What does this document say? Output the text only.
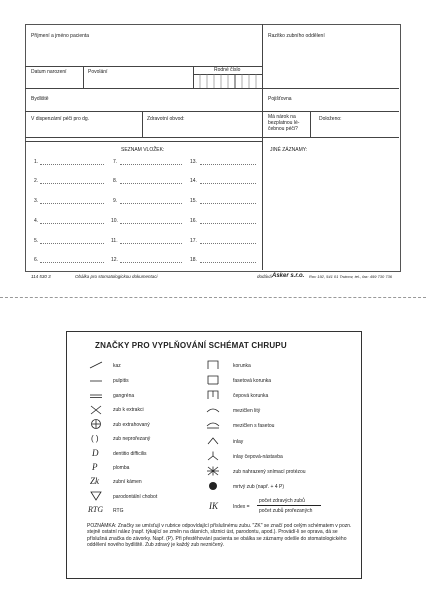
Příjmení a jméno pacienta	Razítko zubního oddělení
Datum narození	Povolání	Rodné číslo
Bydliště	Pojišťovna
V dispenzární péči pro dg.	Zdravotní obvod:	Má nárok na
bezplatnou lé-
čebnou péči?
Doloženo:
SEZNAM VLOŽEK:	JINÉ ZÁZNAMY:
1.
2.
3.
4.
5.
6.
7.
8.
9.
10.
11.
12.
13.
14.
15.
16.
17.
18.
114 530 3	Obálka pro stomatologickou dokumentaci	dodává Asker s.r.o. Rov 192, 541 01 Trutnov, tel., fax: 499 730 736
ZNAČKY PRO VYPLŇOVÁNÍ SCHÉMAT CHRUPU
kaz
pulpitis
gangréna
zub k extrakci
zub extrahovaný
( )	zub neprořezaný
D	dentitio difficilis
P	plomba
Zk	zubní kámen
parodontální chobot
RTG RTG
korunka
fasetová korunka
čepová korunka
mezičlen litý
mezičlen s fasetou
inlay
inlay čepová-nástavba
zub nahrazený snímací protézou
mrtvý zub (např. + 4 P)
IK	Index =
počet zdravých zubů
počet zubů prořezaných
POZNÁMKA: Značky se umísťují v rubrice odpovídající příslušnému zubu. "ZK" se značí pod celým schématem v pozn. stejně ostatní nález (např. týkající se změn na dásních, sliznici úst, parodontu, apod.). Provádí-li se oprava, dá se příslušná značka do závorky. Např. (P). Při přestěhování pacienta se obálka se záznamy odešle do stomatologického oddělení nového bydliště. Zub zdravý je každý zub nezničený.
